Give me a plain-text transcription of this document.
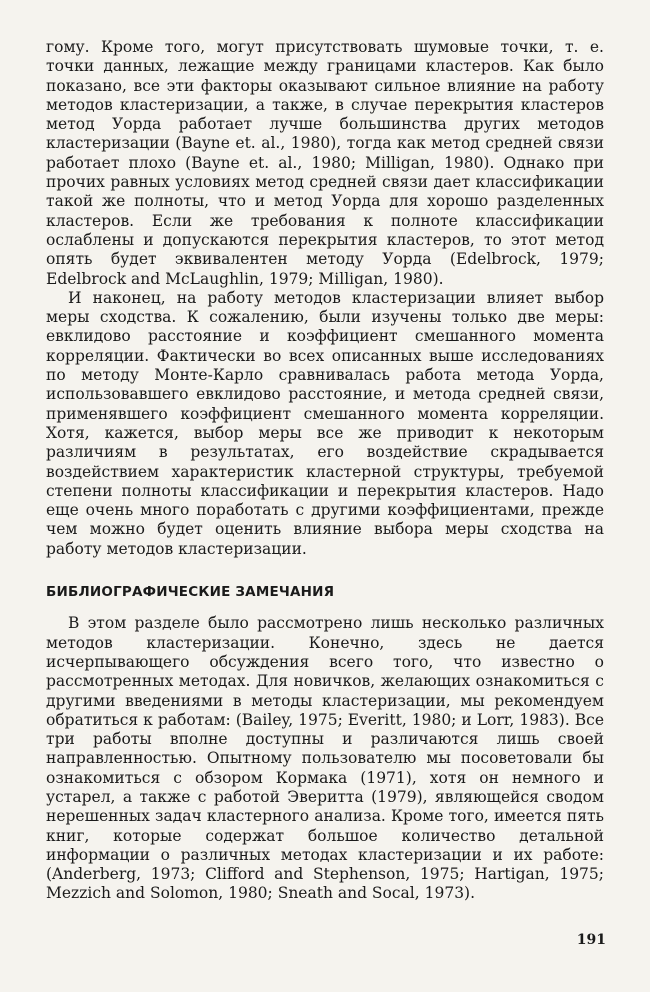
гому. Кроме того, могут присутствовать шумовые точки, т. е. точки данных, лежащие между границами кластеров. Как было показано, все эти факторы оказывают сильное влияние на работу методов кластеризации, а также, в случае перекрытия кластеров метод Уорда работает лучше большинства других методов кластеризации (Bayne et. al., 1980), тогда как метод средней связи работает плохо (Bayne et. al., 1980; Milligan, 1980). Однако при прочих равных условиях метод средней связи дает классификации такой же полноты, что и метод Уорда для хорошо разделенных кластеров. Если же требования к полноте классификации ослаблены и допускаются перекрытия кластеров, то этот метод опять будет эквивалентен методу Уорда (Edelbrock, 1979; Edelbrock and McLaughlin, 1979; Milligan, 1980).

И наконец, на работу методов кластеризации влияет выбор меры сходства. К сожалению, были изучены только две меры: евклидово расстояние и коэффициент смешанного момента корреляции. Фактически во всех описанных выше исследованиях по методу Монте-Карло сравнивалась работа метода Уорда, использовавшего евклидово расстояние, и метода средней связи, применявшего коэффициент смешанного момента корреляции. Хотя, кажется, выбор меры все же приводит к некоторым различиям в результатах, его воздействие скрадывается воздействием характеристик кластерной структуры, требуемой степени полноты классификации и перекрытия кластеров. Надо еще очень много поработать с другими коэффициентами, прежде чем можно будет оценить влияние выбора меры сходства на работу методов кластеризации.

БИБЛИОГРАФИЧЕСКИЕ ЗАМЕЧАНИЯ

В этом разделе было рассмотрено лишь несколько различных методов кластеризации. Конечно, здесь не дается исчерпывающего обсуждения всего того, что известно о рассмотренных методах. Для новичков, желающих ознакомиться с другими введениями в методы кластеризации, мы рекомендуем обратиться к работам: (Bailey, 1975; Everitt, 1980; и Lorr, 1983). Все три работы вполне доступны и различаются лишь своей направленностью. Опытному пользователю мы посоветовали бы ознакомиться с обзором Кормака (1971), хотя он немного и устарел, а также с работой Эверитта (1979), являющейся сводом нерешенных задач кластерного анализа. Кроме того, имеется пять книг, которые содержат большое количество детальной информации о различных методах кластеризации и их работе: (Anderberg, 1973; Clifford and Stephenson, 1975; Hartigan, 1975; Mezzich and Solomon, 1980; Sneath and Socal, 1973).

191
